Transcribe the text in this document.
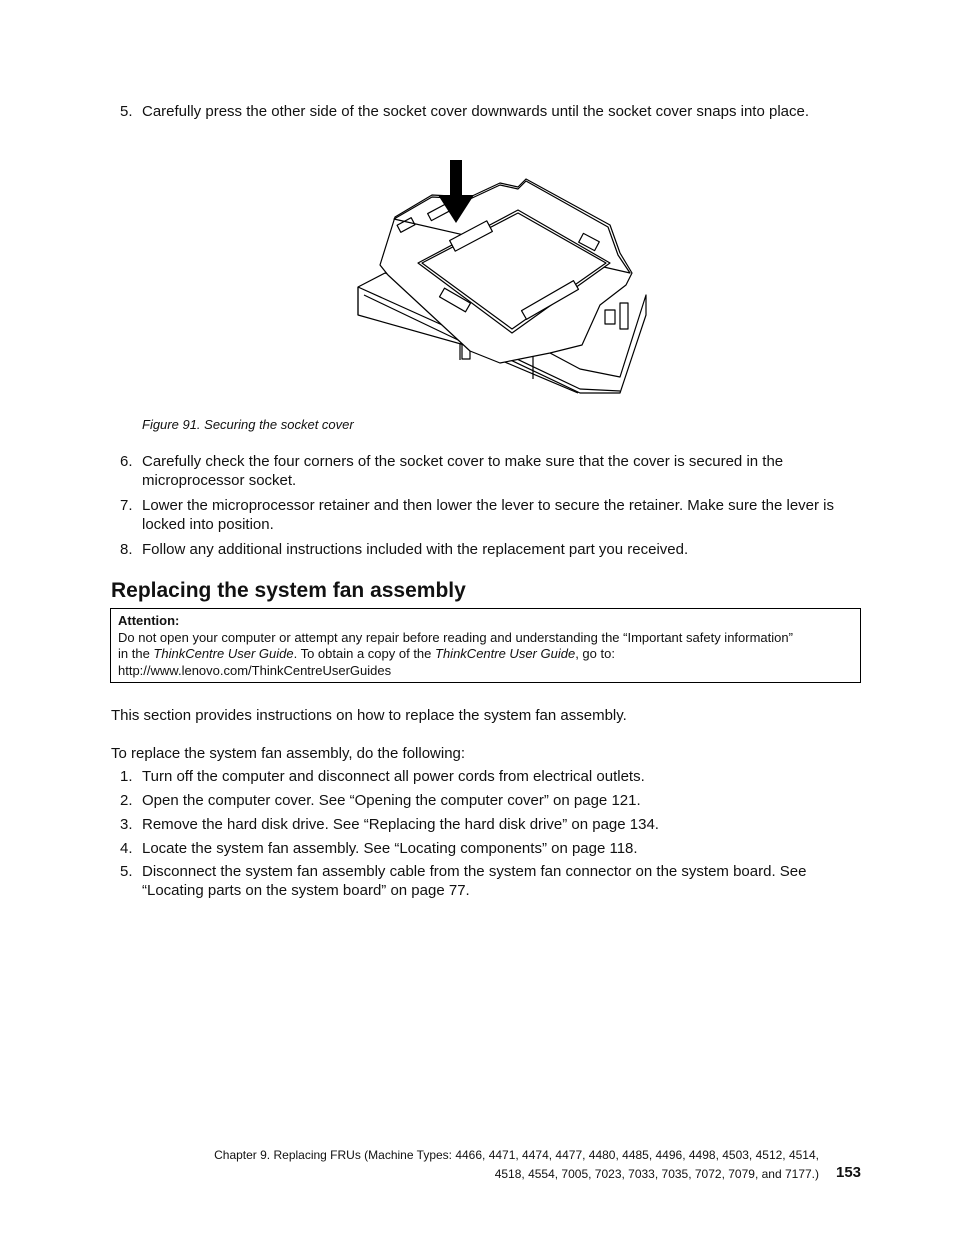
5. Carefully press the other side of the socket cover downwards until the socket cover snaps into place.
Figure 91. Securing the socket cover
6. Carefully check the four corners of the socket cover to make sure that the cover is secured in the microprocessor socket.
7. Lower the microprocessor retainer and then lower the lever to secure the retainer. Make sure the lever is locked into position.
8. Follow any additional instructions included with the replacement part you received.
Replacing the system fan assembly
Attention:
Do not open your computer or attempt any repair before reading and understanding the “Important safety information”
in the ThinkCentre User Guide. To obtain a copy of the ThinkCentre User Guide, go to:
http://www.lenovo.com/ThinkCentreUserGuides
This section provides instructions on how to replace the system fan assembly.
To replace the system fan assembly, do the following:
1. Turn off the computer and disconnect all power cords from electrical outlets.
2. Open the computer cover. See “Opening the computer cover” on page 121.
3. Remove the hard disk drive. See “Replacing the hard disk drive” on page 134.
4. Locate the system fan assembly. See “Locating components” on page 118.
5. Disconnect the system fan assembly cable from the system fan connector on the system board. See “Locating parts on the system board” on page 77.
Chapter 9. Replacing FRUs (Machine Types: 4466, 4471, 4474, 4477, 4480, 4485, 4496, 4498, 4503, 4512, 4514,
4518, 4554, 7005, 7023, 7033, 7035, 7072, 7079, and 7177.) 153
